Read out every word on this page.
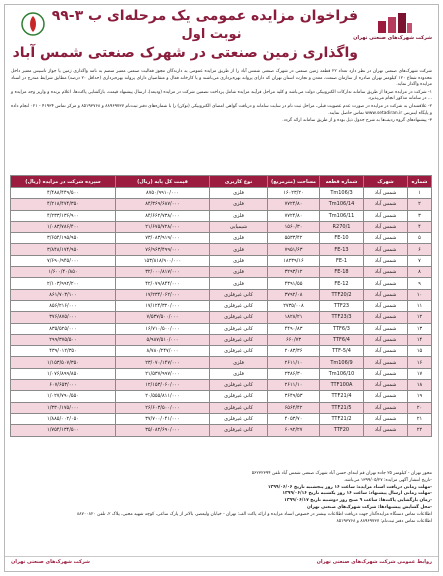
شرکت شهرک‌های صنعتی تهران
فراخوان مزایده عمومی یک مرحله‌ای ب ۳-۹۹
نوبت اول
واگذاری زمین صنعتی در شهرک صنعتی شمس آباد

شرکت شهرک‌های صنعتی تهران در نظر دارد تعداد ۲۲ قطعه زمین صنعتی در شهرک صنعتی شمس آباد را از طریق مزایده عمومی به دارندگان مجوز فعالیت صنعتی معتبر منضم به نامه واگذاری زمین یا جواز تاسیس معتبر داخل محدوده شعاع ۱۲۰ کیلومتر تهران صادره از سازمان صنعت، معدن و تجارت استان تهران که دارای پروانه بهره‌برداری می‌باشند و یا کارخانه فعال و متقاضیان دارای پروانه بهره‌برداری (حداقل ۲۰ درصد) مطابق شرایط مندرج در اسناد مزایده واگذار نماید.

۱- شرکت در مزایده صرفا از طریق سامانه تدارکات الکترونیکی دولت می‌باشد و کلیه مراحل فرآیند مزایده شامل پرداخت تضمین شرکت در مزایده (ودیعه)، ارسال پیشنهاد قیمت، بازگشایی پاکت‌ها، اعلام برنده و واریز وجه مزایده و ... در سامانه مذکور انجام می‌پذیرد.

۲- علاقمندان به شرکت در مزایده در صورت عدم عضویت قبلی، مراحل ثبت نام در سایت سامانه و دریافت گواهی امضای الکترونیکی (توکن) را با شماره‌های دفتر ثبت‌نام ۸۸۹۶۹۷۳۷ و ۸۵۱۹۳۷۶۸ و مرکز تماس ۴۱۹۳۴ - ۰۲۱ انجام داده و پایگاه اینترنتی www.setadiran.ir تماس حاصل نمایند.

۳- پیشنهادهای گروه ردیف‌ها به شرح جدول ذیل بوده و از طریق سامانه ارائه گردد.

شماره	شهرک	شماره قطعه	مساحت (مترمربع)	نوع کاربری	قیمت کل پایه (ریال)	سپرده شرکت در مزایده (ریال)
۱	شمس آباد	Tm106/3	۱۶۰۲۳/۲۰	فلزی	۸۷۵۰/۹۹۱۰/۰۰۰	۴/۴۸۸/۴۴۹/۵۰۰
۲	شمس آباد	Tm106/14	۷۷۲۴/۸۰	فلزی	۸۴/۳۶۹/۶۸۷/۰۰۰	۴/۲۱۸/۴۷۴/۳۵۰
۳	شمس آباد	Tm106/11	۷۷۲۴/۸۰	فلزی	۸۴/۶۶۲/۷۳۸/۰۰۰	۴/۲۳۳/۱۳۶/۹۰۰
۴	شمس آباد	R270/1	۱۵۶۰/۳۰	شیمیایی	۲۱/۶۷۵/۷۲۸/۰۰۰	۱/۰۸۳/۷۸۶/۴۰۰
۵	شمس آباد	FE-10	۵۵۳۳/۴۲	فلزی	۷۳/۰۸۳/۹۱۹/۰۰۰	۳/۶۵۴/۱۹۵/۹۵۰
۶	شمس آباد	FE-13	۷۹۵۱/۶۳	فلزی	۷۶/۹۶۳/۴۹۹/۰۰۰	۳/۸۴۸/۱۷۴/۹۵۰
۷	شمس آباد	FE-1	۱۸۲۳۹/۱۶	فلزی	۱۵۳/۸۱۸/۹۰۰/۰۰۰	۷/۶۹۰/۹۴۵/۰۰۰
۸	شمس آباد	FE-18	۳۲۹۳/۱۲	فلزی	۳۲/۰۰۰/۸۱۷/۰۰۰	۱/۶۰۰/۴۰/۸۵۰
۹	شمس آباد	FE-12	۴۳۹۱/۵۵	فلزی	۴۲/۰۷۹/۸۴۴/۰۰۰	۲/۱۰۳/۹۹۲/۲۰۰
۱۰	شمس آباد	TTF20/2	۳۷۹۲/۰۸	کانی غیرفلزی	۱۷/۲۳۴/۰۶۲/۰۰۰	۸۶۱/۷۰۳/۱۰۰
۱۱	شمس آباد	TTF23	۲۷۳۵/۰۰۸	کانی غیرفلزی	۱۷/۱۲۴/۳۲۰/۰۰۰	۸۵۶/۲۱۶/۰۰۰
۱۲	شمس آباد	TTF23/3	۱۸۲۸/۲۱	کانی غیرفلزی	۷/۵۳۷/۵۰۰/۰۰۰	۳۷۶/۸۷۵/۰۰۰
۱۳	شمس آباد	TTF6/3	۴۴۹۰/۸۳	کانی غیرفلزی	۱۶/۷۱۰/۵۰۰/۰۰۰	۸۳۵/۵۲۵/۰۰۰
۱۴	شمس آباد	TTF6/4	۶۶۰/۷۳	کانی غیرفلزی	۵/۹۸۷/۵۱۰/۰۰۰	۲۹۹/۳۷۵/۵۰۰
۱۵	شمس آباد	TTF-5/4	۲۰۸۳/۳۶	کانی غیرفلزی	۸/۷۸۰/۲۴۷/۰۰۰	۴۳۹/۰۱۲/۳۵۰
۱۶	شمس آباد	Tm106/9	۲۶۱۱/۱۰	فلزی	۲۳/۰۷۰/۱۴۷/۰۰۰	۱/۱۵۳/۵۰۷/۳۵۰
۱۷	شمس آباد	Tm106/10	۲۳۸۶/۳۰	فلزی	۲۱/۵۳۷/۹۹۷/۰۰۰	۱/۰۷۶/۸۹۹/۸۵۰
۱۸	شمس آباد	TTF100A	۲۶۱۱/۱۰	کانی غیرفلزی	۱۲/۱۵۳/۰۶۰/۰۰۰	۶۰۷/۶۵۳/۰۰۰
۱۹	شمس آباد	TTF21/4	۳۶۴۹/۵۳	کانی غیرفلزی	۲۰/۵۵۵/۸۱۱/۰۰۰	۱/۰۲۷/۷۹۰/۵۵۰
۲۰	شمس آباد	TTF21/5	۶۵۶۴/۴۲	کانی غیرفلزی	۲۶/۶۰۳/۵۰۰/۰۰۰	۱/۳۳۰/۱۷۵/۰۰۰
۲۱	شمس آباد	TTF21/2	۴۰۵۳/۷۰	کانی غیرفلزی	۳۷/۷۰۰/۰۴۱/۰۰۰	۱/۸۸۵/۰۰۲/۰۵۰
۲۲	شمس آباد	TTF20	۶۰۹۲/۲۷	کانی غیرفلزی	۳۵/۰۸۲/۶۹۰/۰۰۰	۱/۷۵۴/۱۳۴/۵۰۰

محور تهران - کیلومتر ۲۵ جاده تهران قم ابتدای حسن آباد شهرک صنعتی شمس آباد تلفن ۵۶۲۳۲۳۹۴

-تاریخ انتشار آگهی مزایده: ۱۳۹۹/۰۵/۲۷ می‌باشد.

-مهلت زمانی دریافت اسناد مزایده: ساعت ۱۶ روز پنجشنبه تاریخ ۱۳۹۹/۰۶/۰۶

-مهلت زمانی ارسال پیشنهاد: ساعت ۱۶ روز یکشنبه تاریخ ۱۳۹۹/۰۶/۱۶

-زمان بازگشایی پاکت‌ها: ساعت ۹ صبح روز دوشنبه تاریخ ۱۳۹۹/۰۶/۱۷

-محل گشایش پیشنهادها: شرکت شهرک‌های صنعتی تهران

اطلاعات تماس دستگاه مزایده‌گذار جهت دریافت اطلاعات بیشتر در خصوص اسناد مزایده و ارائه پاکت الف: تهران - خیابان ولیعصر، بالاتر از پارک ساعی، کوچه شهید محبی، پلاک ۲، تلفن ۸۸۷۰۰۸۲۰

اطلاعات تماس دفتر ثبت‌نام: ۸۸۹۶۹۷۳۷ و ۸۵۱۹۳۷۶۸

روابط عمومی شرکت شهرک‌های صنعتی تهران
شرکت شهرک‌های صنعتی تهران
